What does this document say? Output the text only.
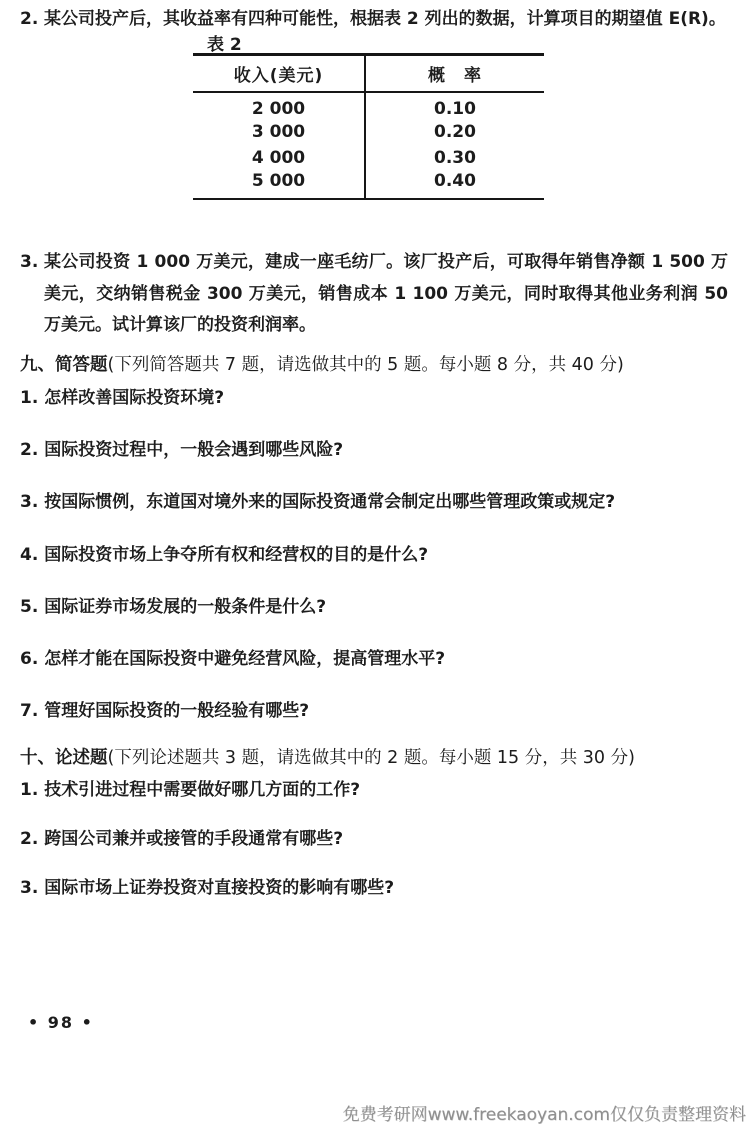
2. 某公司投产后，其收益率有四种可能性，根据表 2 列出的数据，计算项目的期望值 E(R)。
表 2
收入(美元)	概　率
2 000	0.10
3 000	0.20
4 000	0.30
5 000	0.40
3. 某公司投资 1 000 万美元，建成一座毛纺厂。该厂投产后，可取得年销售净额 1 500 万美元，交纳销售税金 300 万美元，销售成本 1 100 万美元，同时取得其他业务利润 50 万美元。试计算该厂的投资利润率。
九、简答题(下列简答题共 7 题，请选做其中的 5 题。每小题 8 分，共 40 分)
1. 怎样改善国际投资环境?
2. 国际投资过程中，一般会遇到哪些风险?
3. 按国际惯例，东道国对境外来的国际投资通常会制定出哪些管理政策或规定?
4. 国际投资市场上争夺所有权和经营权的目的是什么?
5. 国际证券市场发展的一般条件是什么?
6. 怎样才能在国际投资中避免经营风险，提高管理水平?
7. 管理好国际投资的一般经验有哪些?
十、论述题(下列论述题共 3 题，请选做其中的 2 题。每小题 15 分，共 30 分)
1. 技术引进过程中需要做好哪几方面的工作?
2. 跨国公司兼并或接管的手段通常有哪些?
3. 国际市场上证券投资对直接投资的影响有哪些?
• 98 •
免费考研网www.freekaoyan.com仅仅负责整理资料
